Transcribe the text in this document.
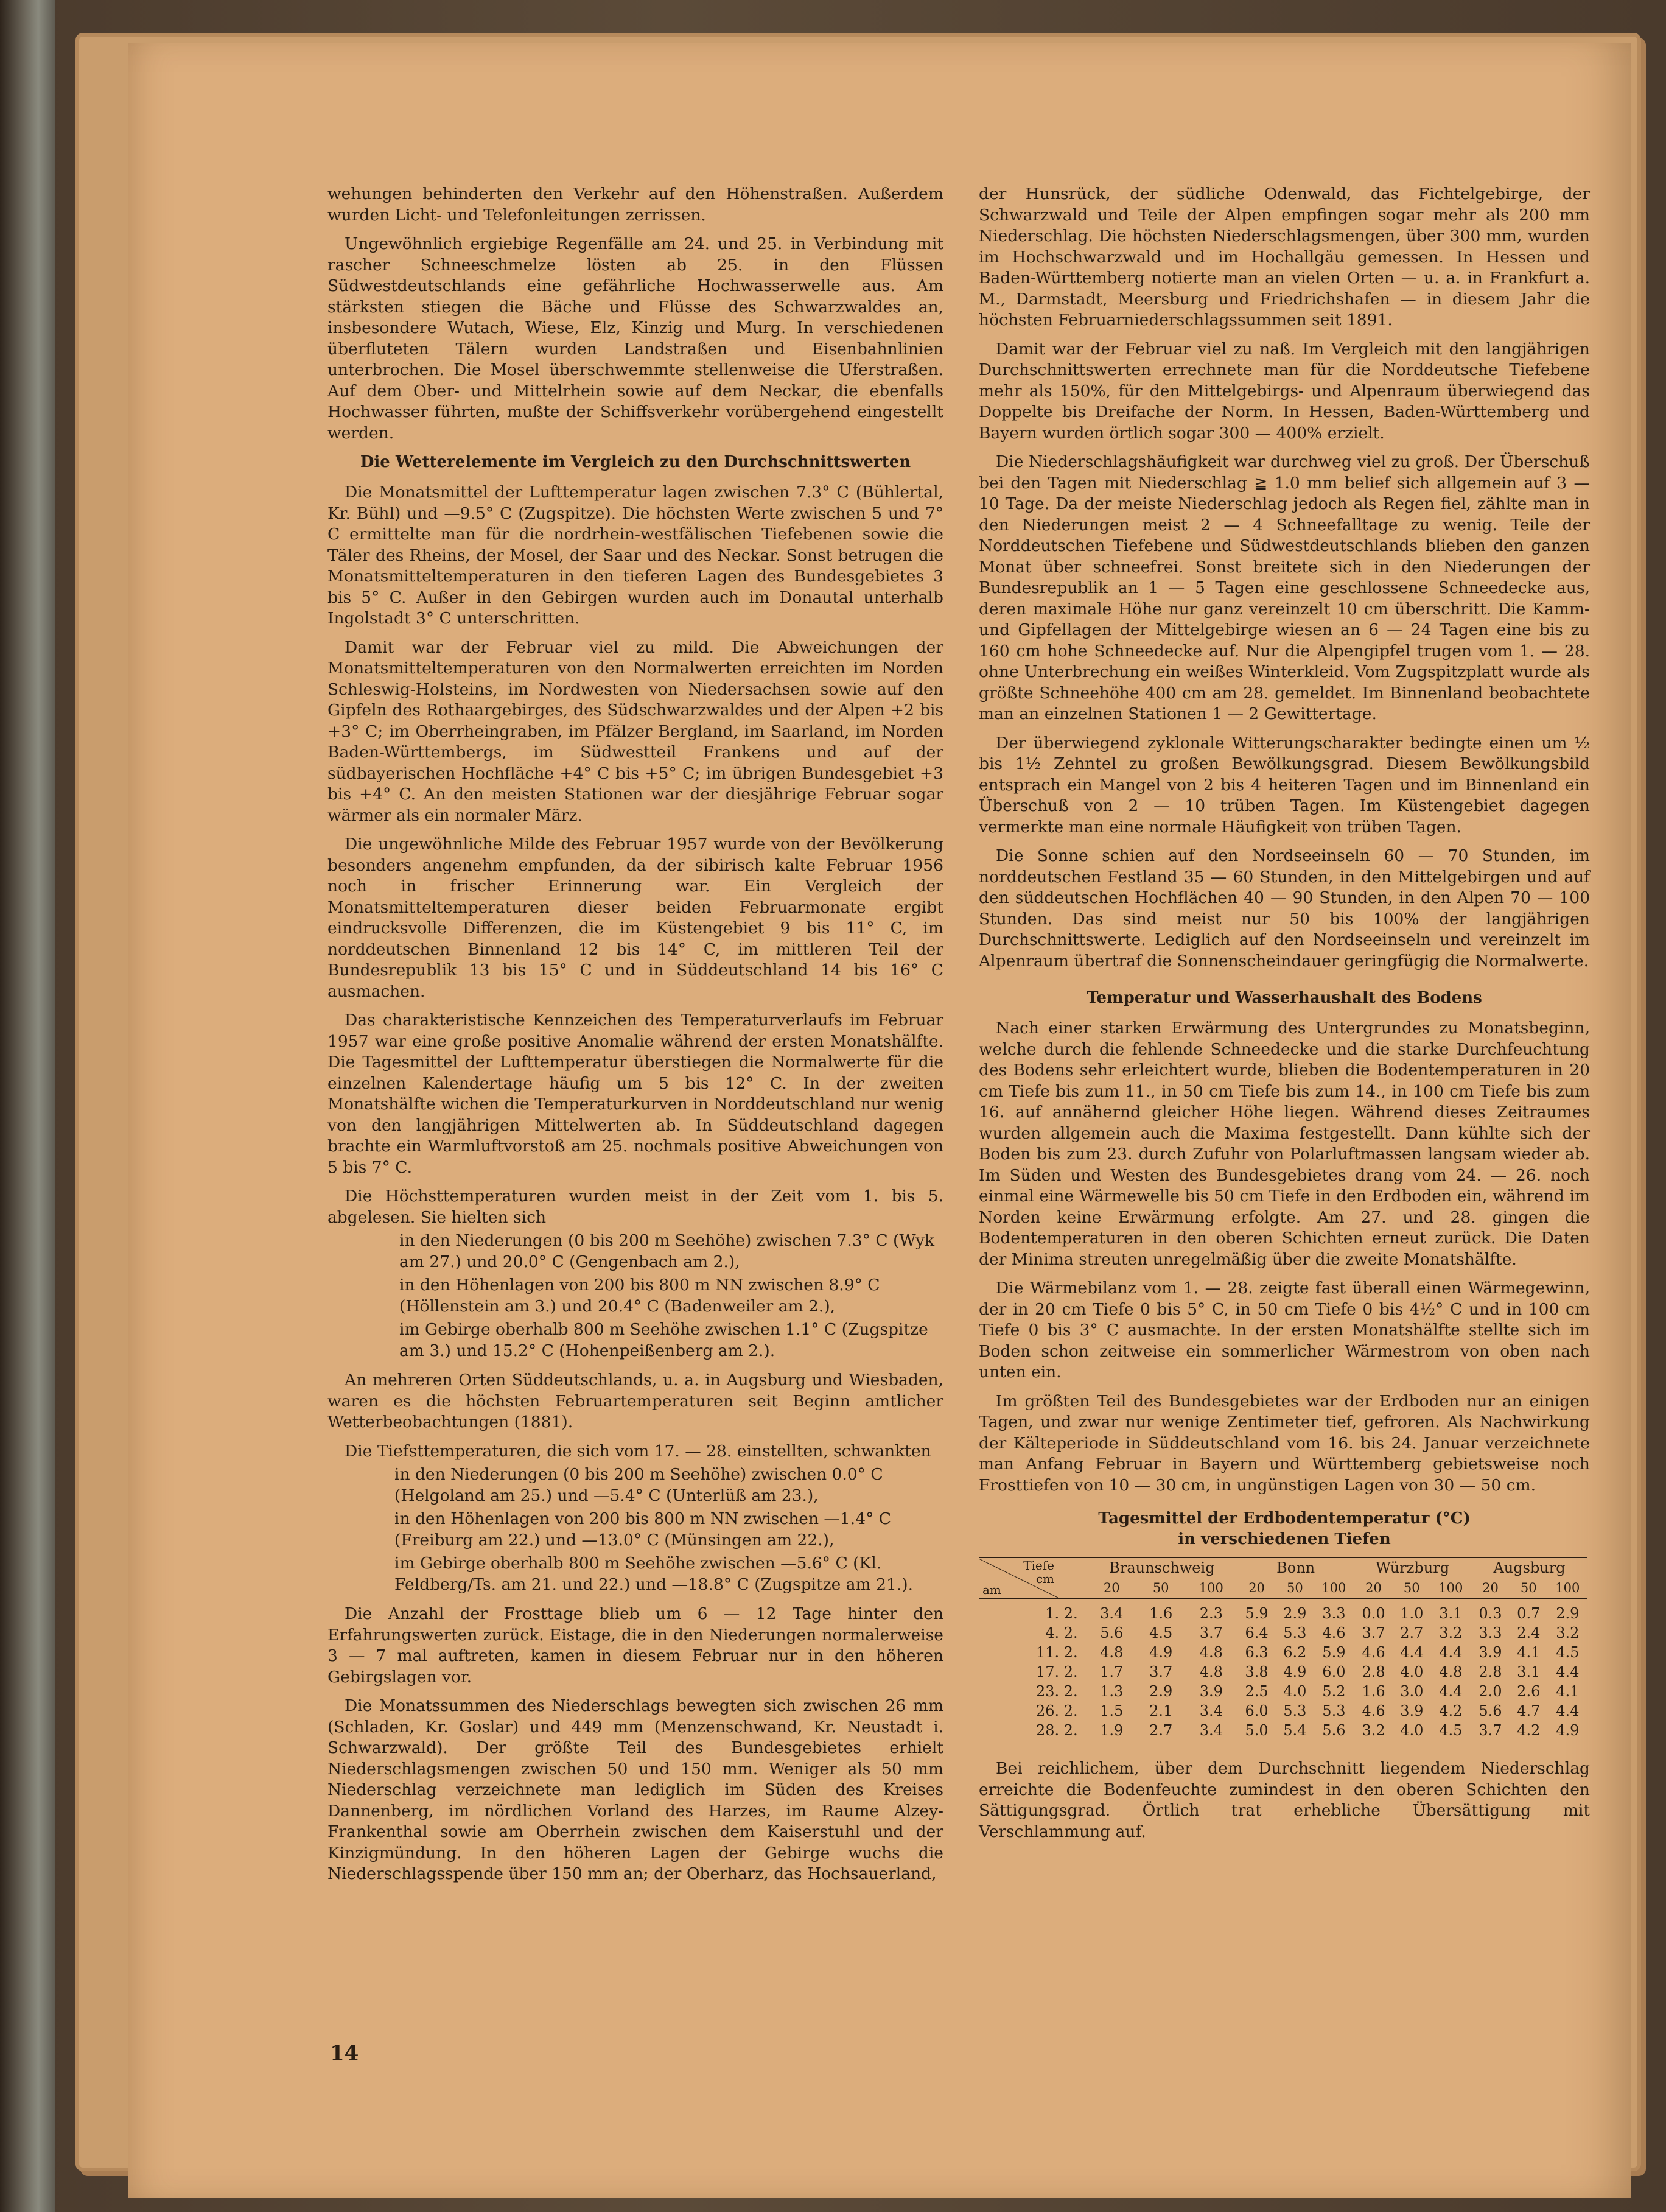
wehungen behinderten den Verkehr auf den Höhenstraßen. Außerdem wurden Licht- und Telefonleitungen zerrissen.

Ungewöhnlich ergiebige Regenfälle am 24. und 25. in Verbindung mit rascher Schneeschmelze lösten ab 25. in den Flüssen Südwestdeutschlands eine gefährliche Hochwasserwelle aus. Am stärksten stiegen die Bäche und Flüsse des Schwarzwaldes an, insbesondere Wutach, Wiese, Elz, Kinzig und Murg. In verschiedenen überfluteten Tälern wurden Landstraßen und Eisenbahnlinien unterbrochen. Die Mosel überschwemmte stellenweise die Uferstraßen. Auf dem Ober- und Mittelrhein sowie auf dem Neckar, die ebenfalls Hochwasser führten, mußte der Schiffsverkehr vorübergehend eingestellt werden.

Die Wetterelemente im Vergleich zu den Durchschnittswerten

Die Monatsmittel der Lufttemperatur lagen zwischen 7.3° C (Bühlertal, Kr. Bühl) und —9.5° C (Zugspitze). Die höchsten Werte zwischen 5 und 7° C ermittelte man für die nordrhein-westfälischen Tiefebenen sowie die Täler des Rheins, der Mosel, der Saar und des Neckar. Sonst betrugen die Monatsmitteltemperaturen in den tieferen Lagen des Bundesgebietes 3 bis 5° C. Außer in den Gebirgen wurden auch im Donautal unterhalb Ingolstadt 3° C unterschritten.

Damit war der Februar viel zu mild. Die Abweichungen der Monatsmitteltemperaturen von den Normalwerten erreichten im Norden Schleswig-Holsteins, im Nordwesten von Niedersachsen sowie auf den Gipfeln des Rothaargebirges, des Südschwarzwaldes und der Alpen +2 bis +3° C; im Oberrheingraben, im Pfälzer Bergland, im Saarland, im Norden Baden-Württembergs, im Südwestteil Frankens und auf der südbayerischen Hochfläche +4° C bis +5° C; im übrigen Bundesgebiet +3 bis +4° C. An den meisten Stationen war der diesjährige Februar sogar wärmer als ein normaler März.

Die ungewöhnliche Milde des Februar 1957 wurde von der Bevölkerung besonders angenehm empfunden, da der sibirisch kalte Februar 1956 noch in frischer Erinnerung war. Ein Vergleich der Monatsmitteltemperaturen dieser beiden Februarmonate ergibt eindrucksvolle Differenzen, die im Küstengebiet 9 bis 11° C, im norddeutschen Binnenland 12 bis 14° C, im mittleren Teil der Bundesrepublik 13 bis 15° C und in Süddeutschland 14 bis 16° C ausmachen.

Das charakteristische Kennzeichen des Temperaturverlaufs im Februar 1957 war eine große positive Anomalie während der ersten Monatshälfte. Die Tagesmittel der Lufttemperatur überstiegen die Normalwerte für die einzelnen Kalendertage häufig um 5 bis 12° C. In der zweiten Monatshälfte wichen die Temperaturkurven in Norddeutschland nur wenig von den langjährigen Mittelwerten ab. In Süddeutschland dagegen brachte ein Warmluftvorstoß am 25. nochmals positive Abweichungen von 5 bis 7° C.

Die Höchsttemperaturen wurden meist in der Zeit vom 1. bis 5. abgelesen. Sie hielten sich

in den Niederungen (0 bis 200 m Seehöhe) zwischen 7.3° C (Wyk am 27.) und 20.0° C (Gengenbach am 2.),

in den Höhenlagen von 200 bis 800 m NN zwischen 8.9° C (Höllenstein am 3.) und 20.4° C (Badenweiler am 2.),

im Gebirge oberhalb 800 m Seehöhe zwischen 1.1° C (Zugspitze am 3.) und 15.2° C (Hohenpeißenberg am 2.).

An mehreren Orten Süddeutschlands, u. a. in Augsburg und Wiesbaden, waren es die höchsten Februartemperaturen seit Beginn amtlicher Wetterbeobachtungen (1881).

Die Tiefsttemperaturen, die sich vom 17. — 28. einstellten, schwankten

in den Niederungen (0 bis 200 m Seehöhe) zwischen 0.0° C (Helgoland am 25.) und —5.4° C (Unterlüß am 23.),

in den Höhenlagen von 200 bis 800 m NN zwischen —1.4° C (Freiburg am 22.) und —13.0° C (Münsingen am 22.),

im Gebirge oberhalb 800 m Seehöhe zwischen —5.6° C (Kl. Feldberg/Ts. am 21. und 22.) und —18.8° C (Zugspitze am 21.).

Die Anzahl der Frosttage blieb um 6 — 12 Tage hinter den Erfahrungswerten zurück. Eistage, die in den Niederungen normalerweise 3 — 7 mal auftreten, kamen in diesem Februar nur in den höheren Gebirgslagen vor.

Die Monatssummen des Niederschlags bewegten sich zwischen 26 mm (Schladen, Kr. Goslar) und 449 mm (Menzenschwand, Kr. Neustadt i. Schwarzwald). Der größte Teil des Bundesgebietes erhielt Niederschlagsmengen zwischen 50 und 150 mm. Weniger als 50 mm Niederschlag verzeichnete man lediglich im Süden des Kreises Dannenberg, im nördlichen Vorland des Harzes, im Raume Alzey-Frankenthal sowie am Oberrhein zwischen dem Kaiserstuhl und der Kinzigmündung. In den höheren Lagen der Gebirge wuchs die Niederschlagsspende über 150 mm an; der Oberharz, das Hochsauerland,

der Hunsrück, der südliche Odenwald, das Fichtelgebirge, der Schwarzwald und Teile der Alpen empfingen sogar mehr als 200 mm Niederschlag. Die höchsten Niederschlagsmengen, über 300 mm, wurden im Hochschwarzwald und im Hochallgäu gemessen. In Hessen und Baden-Württemberg notierte man an vielen Orten — u. a. in Frankfurt a. M., Darmstadt, Meersburg und Friedrichshafen — in diesem Jahr die höchsten Februarniederschlagssummen seit 1891.

Damit war der Februar viel zu naß. Im Vergleich mit den langjährigen Durchschnittswerten errechnete man für die Norddeutsche Tiefebene mehr als 150%, für den Mittelgebirgs- und Alpenraum überwiegend das Doppelte bis Dreifache der Norm. In Hessen, Baden-Württemberg und Bayern wurden örtlich sogar 300 — 400% erzielt.

Die Niederschlagshäufigkeit war durchweg viel zu groß. Der Überschuß bei den Tagen mit Niederschlag ≧ 1.0 mm belief sich allgemein auf 3 — 10 Tage. Da der meiste Niederschlag jedoch als Regen fiel, zählte man in den Niederungen meist 2 — 4 Schneefalltage zu wenig. Teile der Norddeutschen Tiefebene und Südwestdeutschlands blieben den ganzen Monat über schneefrei. Sonst breitete sich in den Niederungen der Bundesrepublik an 1 — 5 Tagen eine geschlossene Schneedecke aus, deren maximale Höhe nur ganz vereinzelt 10 cm überschritt. Die Kamm- und Gipfellagen der Mittelgebirge wiesen an 6 — 24 Tagen eine bis zu 160 cm hohe Schneedecke auf. Nur die Alpengipfel trugen vom 1. — 28. ohne Unterbrechung ein weißes Winterkleid. Vom Zugspitzplatt wurde als größte Schneehöhe 400 cm am 28. gemeldet. Im Binnenland beobachtete man an einzelnen Stationen 1 — 2 Gewittertage.

Der überwiegend zyklonale Witterungscharakter bedingte einen um ½ bis 1½ Zehntel zu großen Bewölkungsgrad. Diesem Bewölkungsbild entsprach ein Mangel von 2 bis 4 heiteren Tagen und im Binnenland ein Überschuß von 2 — 10 trüben Tagen. Im Küstengebiet dagegen vermerkte man eine normale Häufigkeit von trüben Tagen.

Die Sonne schien auf den Nordseeinseln 60 — 70 Stunden, im norddeutschen Festland 35 — 60 Stunden, in den Mittelgebirgen und auf den süddeutschen Hochflächen 40 — 90 Stunden, in den Alpen 70 — 100 Stunden. Das sind meist nur 50 bis 100% der langjährigen Durchschnittswerte. Lediglich auf den Nordseeinseln und vereinzelt im Alpenraum übertraf die Sonnenscheindauer geringfügig die Normalwerte.

Temperatur und Wasserhaushalt des Bodens

Nach einer starken Erwärmung des Untergrundes zu Monatsbeginn, welche durch die fehlende Schneedecke und die starke Durchfeuchtung des Bodens sehr erleichtert wurde, blieben die Bodentemperaturen in 20 cm Tiefe bis zum 11., in 50 cm Tiefe bis zum 14., in 100 cm Tiefe bis zum 16. auf annähernd gleicher Höhe liegen. Während dieses Zeitraumes wurden allgemein auch die Maxima festgestellt. Dann kühlte sich der Boden bis zum 23. durch Zufuhr von Polarluftmassen langsam wieder ab. Im Süden und Westen des Bundesgebietes drang vom 24. — 26. noch einmal eine Wärmewelle bis 50 cm Tiefe in den Erdboden ein, während im Norden keine Erwärmung erfolgte. Am 27. und 28. gingen die Bodentemperaturen in den oberen Schichten erneut zurück. Die Daten der Minima streuten unregelmäßig über die zweite Monatshälfte.

Die Wärmebilanz vom 1. — 28. zeigte fast überall einen Wärmegewinn, der in 20 cm Tiefe 0 bis 5° C, in 50 cm Tiefe 0 bis 4½° C und in 100 cm Tiefe 0 bis 3° C ausmachte. In der ersten Monatshälfte stellte sich im Boden schon zeitweise ein sommerlicher Wärmestrom von oben nach unten ein.

Im größten Teil des Bundesgebietes war der Erdboden nur an einigen Tagen, und zwar nur wenige Zentimeter tief, gefroren. Als Nachwirkung der Kälteperiode in Süddeutschland vom 16. bis 24. Januar verzeichnete man Anfang Februar in Bayern und Württemberg gebietsweise noch Frosttiefen von 10 — 30 cm, in ungünstigen Lagen von 30 — 50 cm.

Tagesmittel der Erdbodentemperatur (°C)
in verschiedenen Tiefen
Tiefe
cm
am	Braunschweig			Bonn			Würzburg			Augsburg		
	20	50	100	20	50	100	20	50	100	20	50	100
1. 2.	3.4	1.6	2.3	5.9	2.9	3.3	0.0	1.0	3.1	0.3	0.7	2.9
4. 2.	5.6	4.5	3.7	6.4	5.3	4.6	3.7	2.7	3.2	3.3	2.4	3.2
11. 2.	4.8	4.9	4.8	6.3	6.2	5.9	4.6	4.4	4.4	3.9	4.1	4.5
17. 2.	1.7	3.7	4.8	3.8	4.9	6.0	2.8	4.0	4.8	2.8	3.1	4.4
23. 2.	1.3	2.9	3.9	2.5	4.0	5.2	1.6	3.0	4.4	2.0	2.6	4.1
26. 2.	1.5	2.1	3.4	6.0	5.3	5.3	4.6	3.9	4.2	5.6	4.7	4.4
28. 2.	1.9	2.7	3.4	5.0	5.4	5.6	3.2	4.0	4.5	3.7	4.2	4.9

Bei reichlichem, über dem Durchschnitt liegendem Niederschlag erreichte die Bodenfeuchte zumindest in den oberen Schichten den Sättigungsgrad. Örtlich trat erhebliche Übersättigung mit Verschlammung auf.

14
